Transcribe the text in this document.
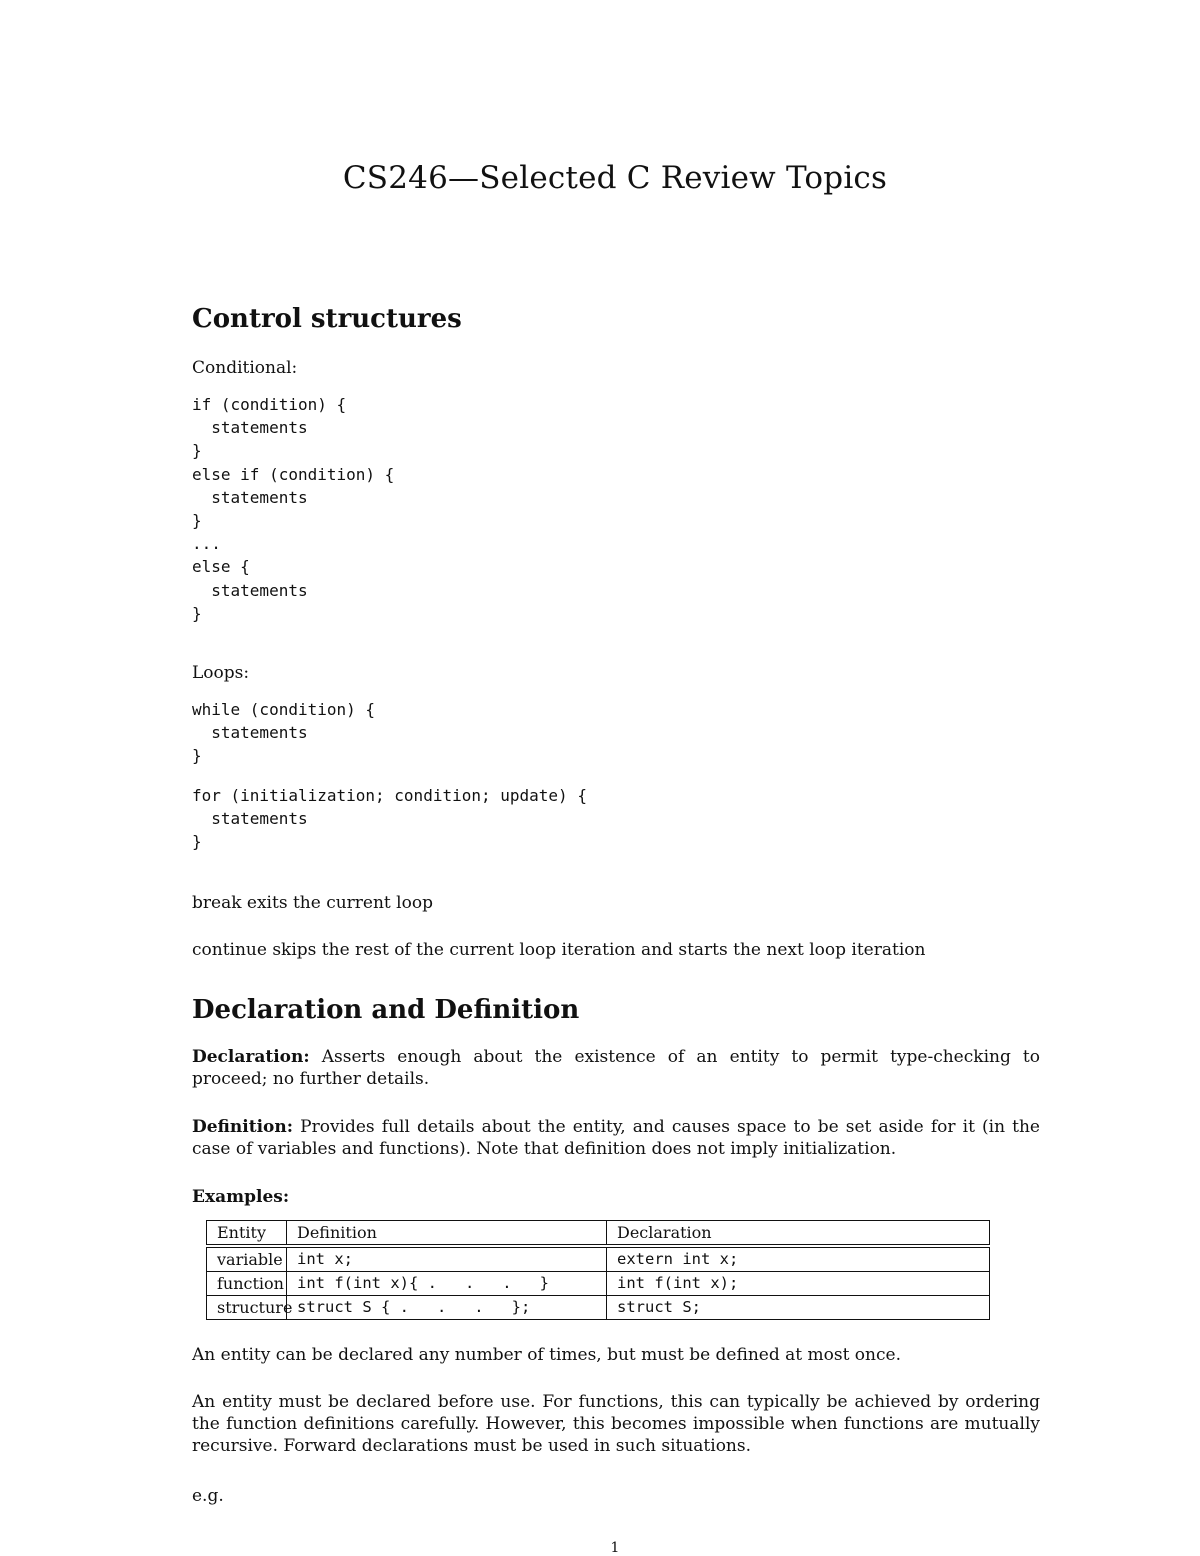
CS246—Selected C Review Topics
Control structures

Conditional:

if (condition) {
statements
}
else if (condition) {
statements
}
...
else {
statements
}

Loops:

while (condition) {
statements
}
for (initialization; condition; update) {
statements
}

break exits the current loop

continue skips the rest of the current loop iteration and starts the next loop iteration

Declaration and Definition

Declaration: Asserts enough about the existence of an entity to permit type-checking to proceed; no further details.

Definition: Provides full details about the entity, and causes space to be set aside for it (in the case of variables and functions). Note that definition does not imply initialization.

Examples:

Entity	Definition	Declaration
variable	int x;	extern int x;
function	int f(int x){ .   .   .   }	int f(int x);
structure	struct S { .   .   .   };	struct S;

An entity can be declared any number of times, but must be defined at most once.

An entity must be declared before use. For functions, this can typically be achieved by ordering the function definitions carefully. However, this becomes impossible when functions are mutually recursive. Forward declarations must be used in such situations.

e.g.

1
